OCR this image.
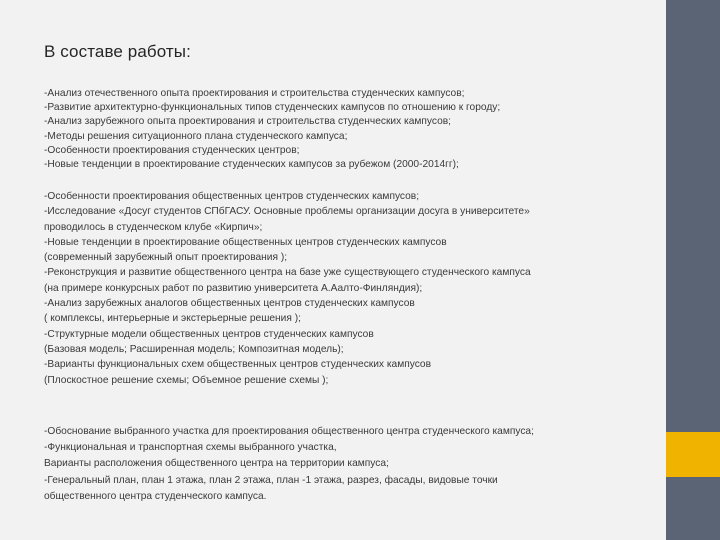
В составе работы:
-Анализ отечественного опыта проектирования и строительства студенческих кампусов;
-Развитие архитектурно-функциональных типов студенческих кампусов по отношению к городу;
-Анализ зарубежного опыта проектирования и строительства студенческих кампусов;
-Методы решения ситуационного плана студенческого кампуса;
-Особенности проектирования студенческих центров;
-Новые тенденции в проектирование студенческих кампусов за рубежом (2000-2014гг);
-Особенности проектирования общественных центров студенческих кампусов;
-Исследование «Досуг студентов СПбГАСУ. Основные проблемы организации досуга в университете»
проводилось в студенческом клубе «Кирпич»;
-Новые тенденции в проектирование общественных центров студенческих кампусов
(современный зарубежный опыт проектирования );
-Реконструкция и развитие общественного центра на базе уже существующего студенческого кампуса
(на примере конкурсных работ по развитию университета А.Аалто-Финляндия);
-Анализ зарубежных аналогов общественных центров студенческих кампусов
( комплексы, интерьерные и экстерьерные решения );
-Структурные модели общественных центров студенческих кампусов
(Базовая модель; Расширенная модель; Композитная модель);
-Варианты функциональных схем общественных центров студенческих кампусов
(Плоскостное решение схемы; Объемное решение схемы );
-Обоснование выбранного участка для проектирования общественного центра студенческого кампуса;
-Функциональная и транспортная схемы выбранного участка,
Варианты расположения общественного центра на территории кампуса;
-Генеральный план, план 1 этажа, план 2 этажа, план -1 этажа, разрез, фасады, видовые точки
общественного центра студенческого кампуса.
